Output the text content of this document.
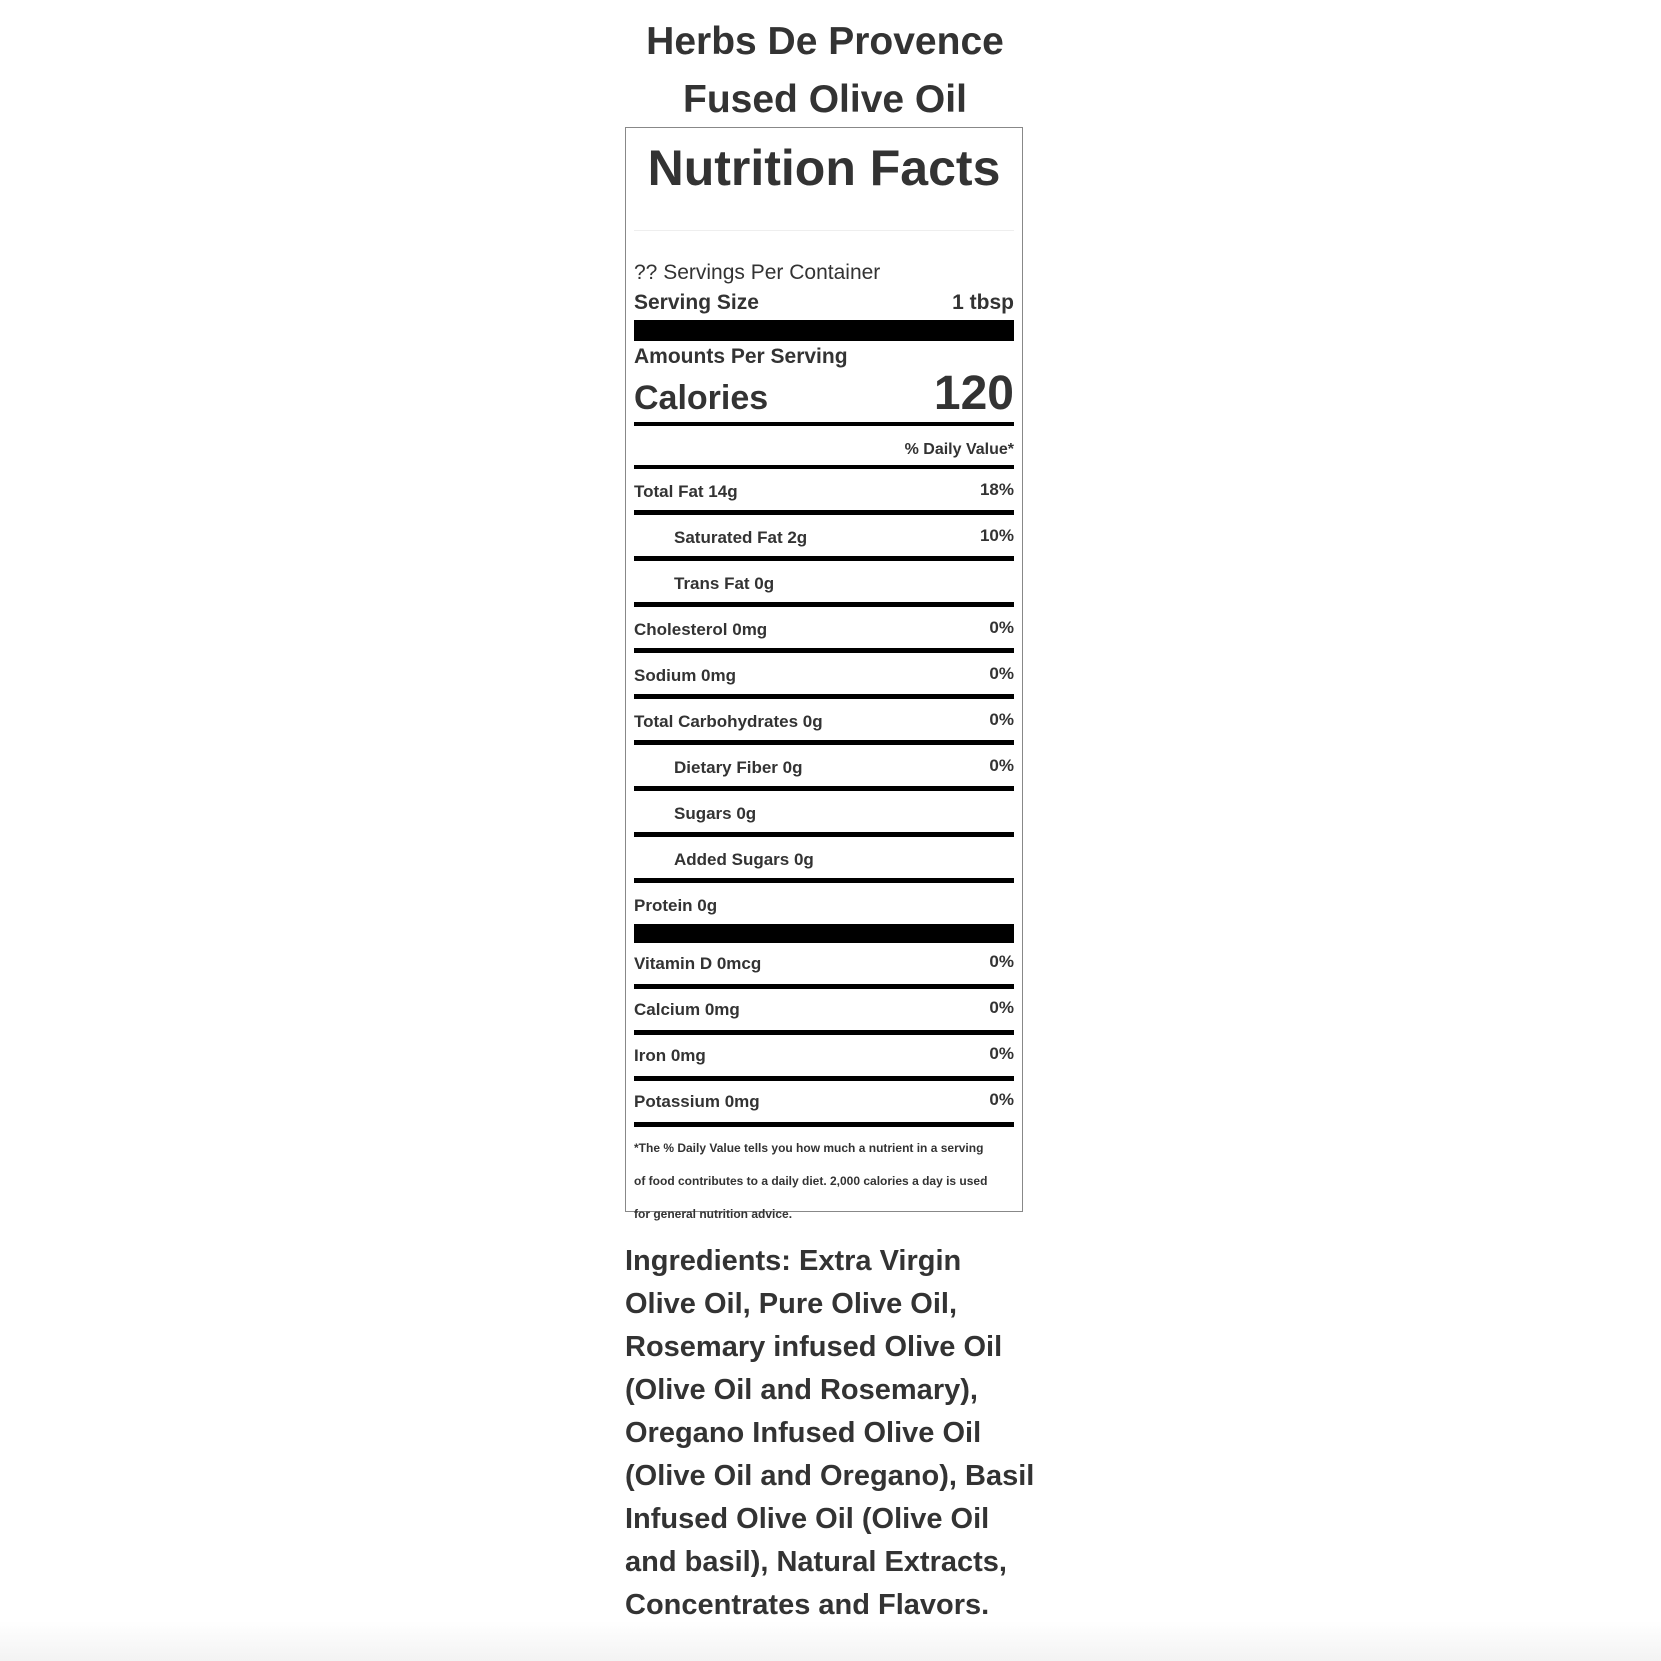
Herbs De Provence
Fused Olive Oil
Nutrition Facts
?? Servings Per Container
Serving Size	1 tbsp
Amounts Per Serving
Calories	120
% Daily Value*
Total Fat 14g	18%
Saturated Fat 2g	10%
Trans Fat 0g
Cholesterol 0mg	0%
Sodium 0mg	0%
Total Carbohydrates 0g	0%
Dietary Fiber 0g	0%
Sugars 0g
Added Sugars 0g
Protein 0g
Vitamin D 0mcg	0%
Calcium 0mg	0%
Iron 0mg	0%
Potassium 0mg	0%
*The % Daily Value tells you how much a nutrient in a serving
of food contributes to a daily diet. 2,000 calories a day is used
for general nutrition advice.
Ingredients: Extra Virgin
Olive Oil, Pure Olive Oil,
Rosemary infused Olive Oil
(Olive Oil and Rosemary),
Oregano Infused Olive Oil
(Olive Oil and Oregano), Basil
Infused Olive Oil (Olive Oil
and basil), Natural Extracts,
Concentrates and Flavors.
